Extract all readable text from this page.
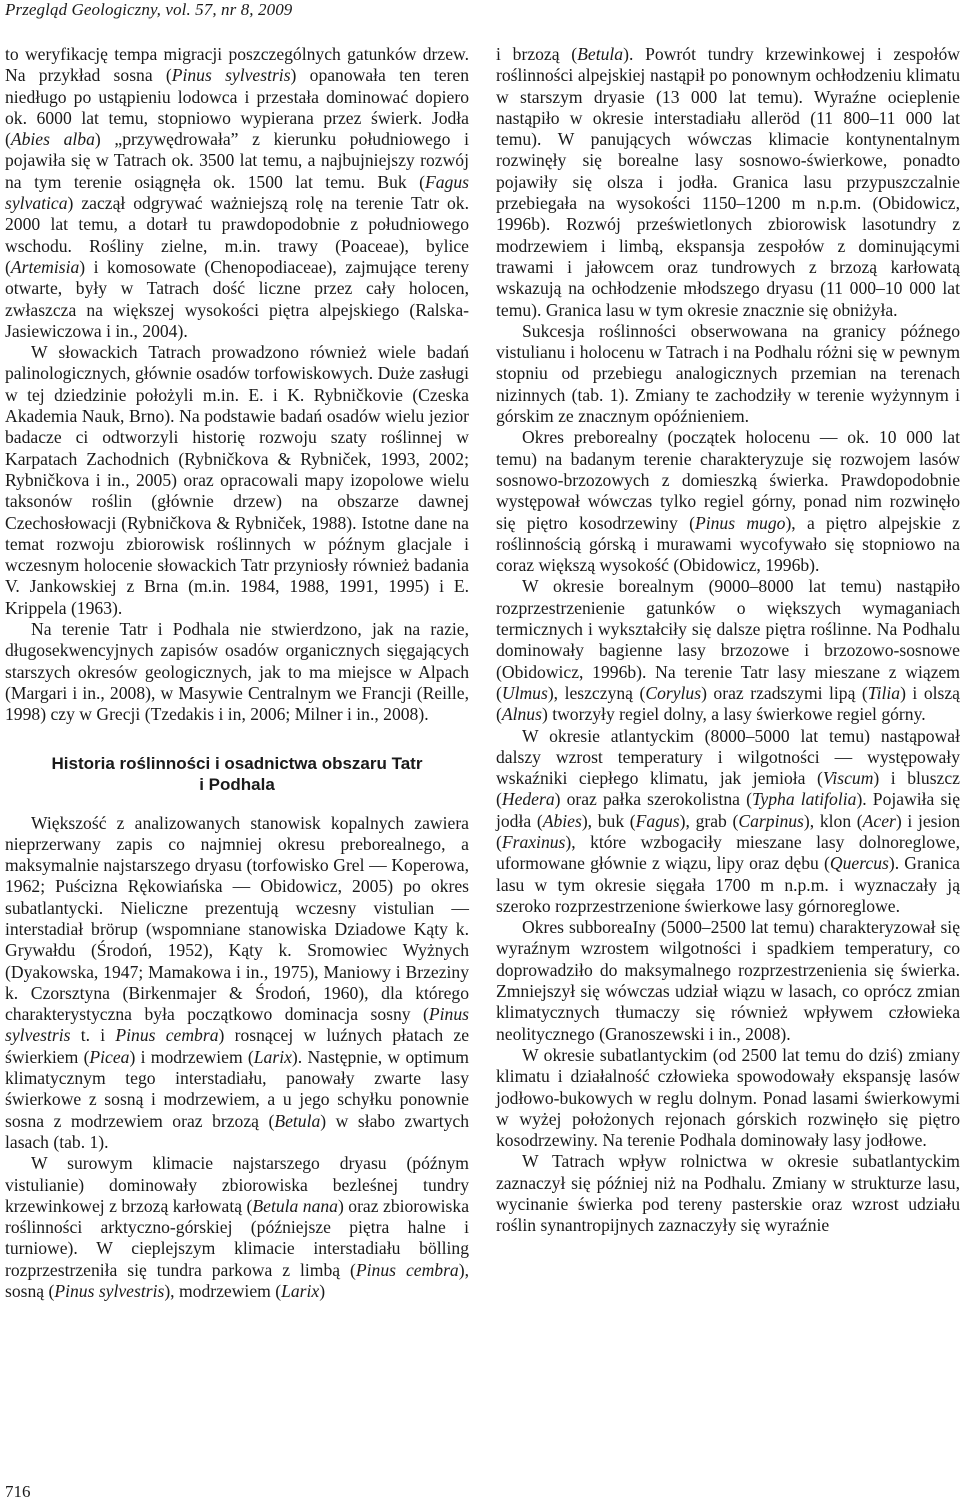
Przegląd Geologiczny, vol. 57, nr 8, 2009

to weryfikację tempa migracji poszczególnych gatunków drzew. Na przykład sosna (Pinus sylvestris) opanowała ten teren niedługo po ustąpieniu lodowca i przestała dominować dopiero ok. 6000 lat temu, stopniowo wypierana przez świerk. Jodła (Abies alba) „przywędrowała” z kierunku południowego i pojawiła się w Tatrach ok. 3500 lat temu, a najbujniejszy rozwój na tym terenie osiągnęła ok. 1500 lat temu. Buk (Fagus sylvatica) zaczął odgrywać ważniejszą rolę na terenie Tatr ok. 2000 lat temu, a dotarł tu prawdopodobnie z południowego wschodu. Rośliny zielne, m.in. trawy (Poaceae), bylice (Artemisia) i komosowate (Chenopodiaceae), zajmujące tereny otwarte, były w Tatrach dość liczne przez cały holocen, zwłaszcza na większej wysokości piętra alpejskiego (Ralska-Jasiewiczowa i in., 2004).

W słowackich Tatrach prowadzono również wiele badań palinologicznych, głównie osadów torfowiskowych. Duże zasługi w tej dziedzinie położyli m.in. E. i K. Rybničkovie (Czeska Akademia Nauk, Brno). Na podstawie badań osadów wielu jezior badacze ci odtworzyli historię rozwoju szaty roślinnej w Karpatach Zachodnich (Rybničkova & Rybniček, 1993, 2002; Rybničkova i in., 2005) oraz opracowali mapy izopolowe wielu taksonów roślin (głównie drzew) na obszarze dawnej Czechosłowacji (Rybničkova & Rybniček, 1988). Istotne dane na temat rozwoju zbiorowisk roślinnych w późnym glacjale i wczesnym holocenie słowackich Tatr przyniosły również badania V. Jankowskiej z Brna (m.in. 1984, 1988, 1991, 1995) i E. Krippela (1963).

Na terenie Tatr i Podhala nie stwierdzono, jak na razie, długosekwencyjnych zapisów osadów organicznych sięgających starszych okresów geologicznych, jak to ma miejsce w Alpach (Margari i in., 2008), w Masywie Centralnym we Francji (Reille, 1998) czy w Grecji (Tzedakis i in, 2006; Milner i in., 2008).

Historia roślinności i osadnictwa obszaru Tatr
i Podhala

Większość z analizowanych stanowisk kopalnych zawiera nieprzerwany zapis co najmniej okresu preborealnego, a maksymalnie najstarszego dryasu (torfowisko Grel — Koperowa, 1962; Puścizna Rękowiańska — Obidowicz, 2005) po okres subatlantycki. Nieliczne prezentują wczesny vistulian — interstadiał brörup (wspomniane stanowiska Dziadowe Kąty k. Grywałdu (Środoń, 1952), Kąty k. Sromowiec Wyżnych (Dyakowska, 1947; Mamakowa i in., 1975), Maniowy i Brzeziny k. Czorsztyna (Birkenmajer & Środoń, 1960), dla którego charakterystyczna była początkowo dominacja sosny (Pinus sylvestris t. i Pinus cembra) rosnącej w luźnych płatach ze świerkiem (Picea) i modrzewiem (Larix). Następnie, w optimum klimatycznym tego interstadiału, panowały zwarte lasy świerkowe z sosną i modrzewiem, a u jego schyłku ponownie sosna z modrzewiem oraz brzozą (Betula) w słabo zwartych lasach (tab. 1).

W surowym klimacie najstarszego dryasu (późnym vistulianie) dominowały zbiorowiska bezleśnej tundry krzewinkowej z brzozą karłowatą (Betula nana) oraz zbiorowiska roślinności arktyczno-górskiej (późniejsze piętra halne i turniowe). W cieplejszym klimacie interstadiału bölling rozprzestrzeniła się tundra parkowa z limbą (Pinus cembra), sosną (Pinus sylvestris), modrzewiem (Larix)

i brzozą (Betula). Powrót tundry krzewinkowej i zespołów roślinności alpejskiej nastąpił po ponownym ochłodzeniu klimatu w starszym dryasie (13 000 lat temu). Wyraźne ocieplenie nastąpiło w okresie interstadiału alleröd (11 800–11 000 lat temu). W panujących wówczas klimacie kontynentalnym rozwinęły się borealne lasy sosnowo-świerkowe, ponadto pojawiły się olsza i jodła. Granica lasu przypuszczalnie przebiegała na wysokości 1150–1200 m n.p.m. (Obidowicz, 1996b). Rozwój prześwietlonych zbiorowisk lasotundry z modrzewiem i limbą, ekspansja zespołów z dominującymi trawami i jałowcem oraz tundrowych z brzozą karłowatą wskazują na ochłodzenie młodszego dryasu (11 000–10 000 lat temu). Granica lasu w tym okresie znacznie się obniżyła.

Sukcesja roślinności obserwowana na granicy późnego vistulianu i holocenu w Tatrach i na Podhalu różni się w pewnym stopniu od przebiegu analogicznych przemian na terenach nizinnych (tab. 1). Zmiany te zachodziły w terenie wyżynnym i górskim ze znacznym opóźnieniem.

Okres preborealny (początek holocenu — ok. 10 000 lat temu) na badanym terenie charakteryzuje się rozwojem lasów sosnowo-brzozowych z domieszką świerka. Prawdopodobnie występował wówczas tylko regiel górny, ponad nim rozwinęło się piętro kosodrzewiny (Pinus mugo), a piętro alpejskie z roślinnością górską i murawami wycofywało się stopniowo na coraz większą wysokość (Obidowicz, 1996b).

W okresie borealnym (9000–8000 lat temu) nastąpiło rozprzestrzenienie gatunków o większych wymaganiach termicznych i wykształciły się dalsze piętra roślinne. Na Podhalu dominowały bagienne lasy brzozowe i brzozowo-sosnowe (Obidowicz, 1996b). Na terenie Tatr lasy mieszane z wiązem (Ulmus), leszczyną (Corylus) oraz rzadszymi lipą (Tilia) i olszą (Alnus) tworzyły regiel dolny, a lasy świerkowe regiel górny.

W okresie atlantyckim (8000–5000 lat temu) nastąpował dalszy wzrost temperatury i wilgotności — występowały wskaźniki ciepłego klimatu, jak jemioła (Viscum) i bluszcz (Hedera) oraz pałka szerokolistna (Typha latifolia). Pojawiła się jodła (Abies), buk (Fagus), grab (Carpinus), klon (Acer) i jesion (Fraxinus), które wzbogaciły mieszane lasy dolnoreglowe, uformowane głównie z wiązu, lipy oraz dębu (Quercus). Granica lasu w tym okresie sięgała 1700 m n.p.m. i wyznaczały ją szeroko rozprzestrzenione świerkowe lasy górnoreglowe.

Okres subboreaIny (5000–2500 lat temu) charakteryzował się wyraźnym wzrostem wilgotności i spadkiem temperatury, co doprowadziło do maksymalnego rozprzestrzenienia się świerka. Zmniejszył się wówczas udział wiązu w lasach, co oprócz zmian klimatycznych tłumaczy się również wpływem człowieka neolitycznego (Granoszewski i in., 2008).

W okresie subatlantyckim (od 2500 lat temu do dziś) zmiany klimatu i działalność człowieka spowodowały ekspansję lasów jodłowo-bukowych w reglu dolnym. Ponad lasami świerkowymi w wyżej położonych rejonach górskich rozwinęło się piętro kosodrzewiny. Na terenie Podhala dominowały lasy jodłowe.

W Tatrach wpływ rolnictwa w okresie subatlantyckim zaznaczył się później niż na Podhalu. Zmiany w strukturze lasu, wycinanie świerka pod tereny pasterskie oraz wzrost udziału roślin synantropijnych zaznaczyły się wyraźnie

716
